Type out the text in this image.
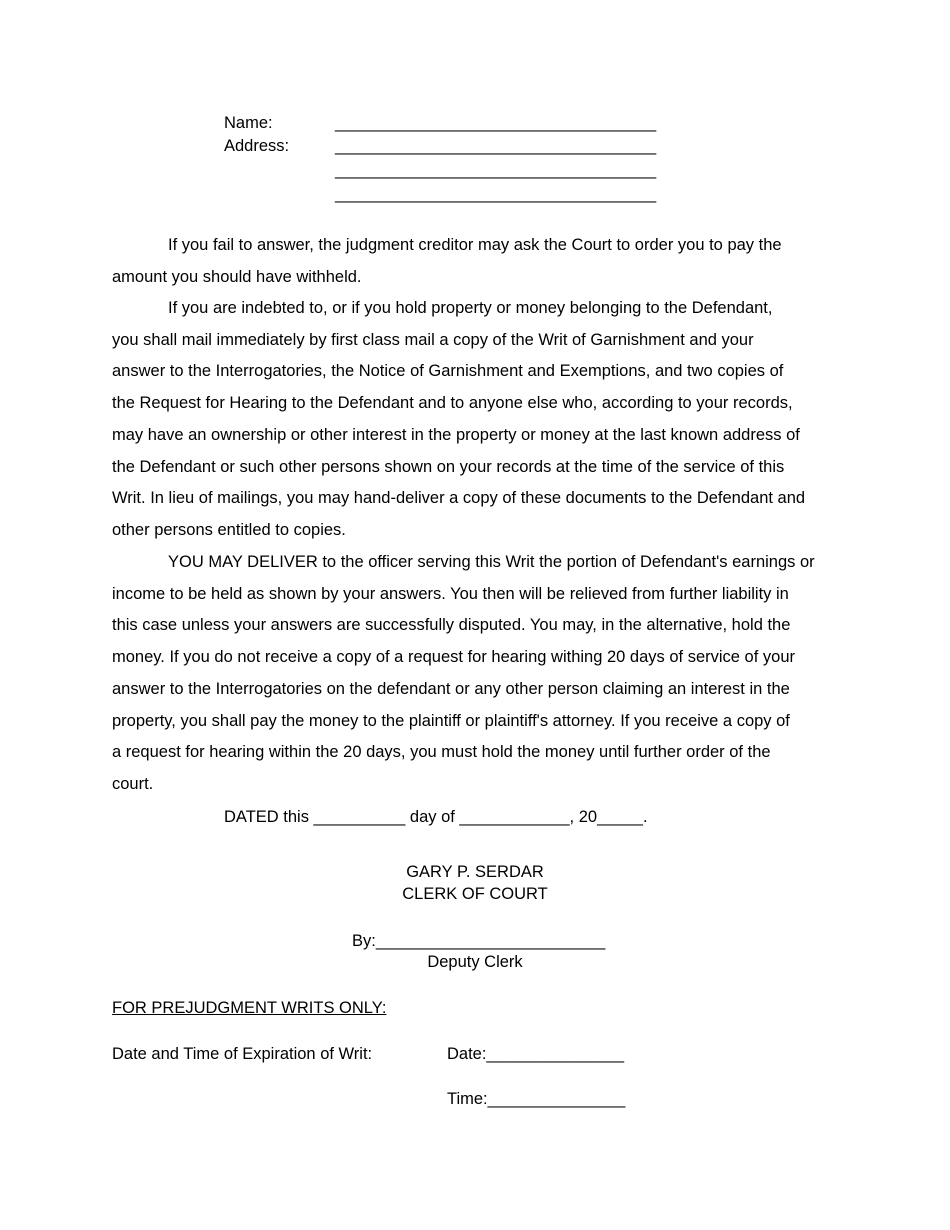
Name:	___________________________________
Address:	___________________________________
___________________________________
___________________________________
If you fail to answer, the judgment creditor may ask the Court to order you to pay the
amount you should have withheld.
If you are indebted to, or if you hold property or money belonging to the Defendant,
you shall mail immediately by first class mail a copy of the Writ of Garnishment and your
answer to the Interrogatories, the Notice of Garnishment and Exemptions, and two copies of
the Request for Hearing to the Defendant and to anyone else who, according to your records,
may have an ownership or other interest in the property or money at the last known address of
the Defendant or such other persons shown on your records at the time of the service of this
Writ. In lieu of mailings, you may hand-deliver a copy of these documents to the Defendant and
other persons entitled to copies.
YOU MAY DELIVER to the officer serving this Writ the portion of Defendant's earnings or
income to be held as shown by your answers. You then will be relieved from further liability in
this case unless your answers are successfully disputed. You may, in the alternative, hold the
money. If you do not receive a copy of a request for hearing withing 20 days of service of your
answer to the Interrogatories on the defendant or any other person claiming an interest in the
property, you shall pay the money to the plaintiff or plaintiff's attorney. If you receive a copy of
a request for hearing within the 20 days, you must hold the money until further order of the
court.
DATED this __________ day of ____________, 20_____.
GARY P. SERDAR
CLERK OF COURT
By:_________________________
Deputy Clerk
FOR PREJUDGMENT WRITS ONLY:
Date and Time of Expiration of Writ:	Date:_______________
Time:_______________
